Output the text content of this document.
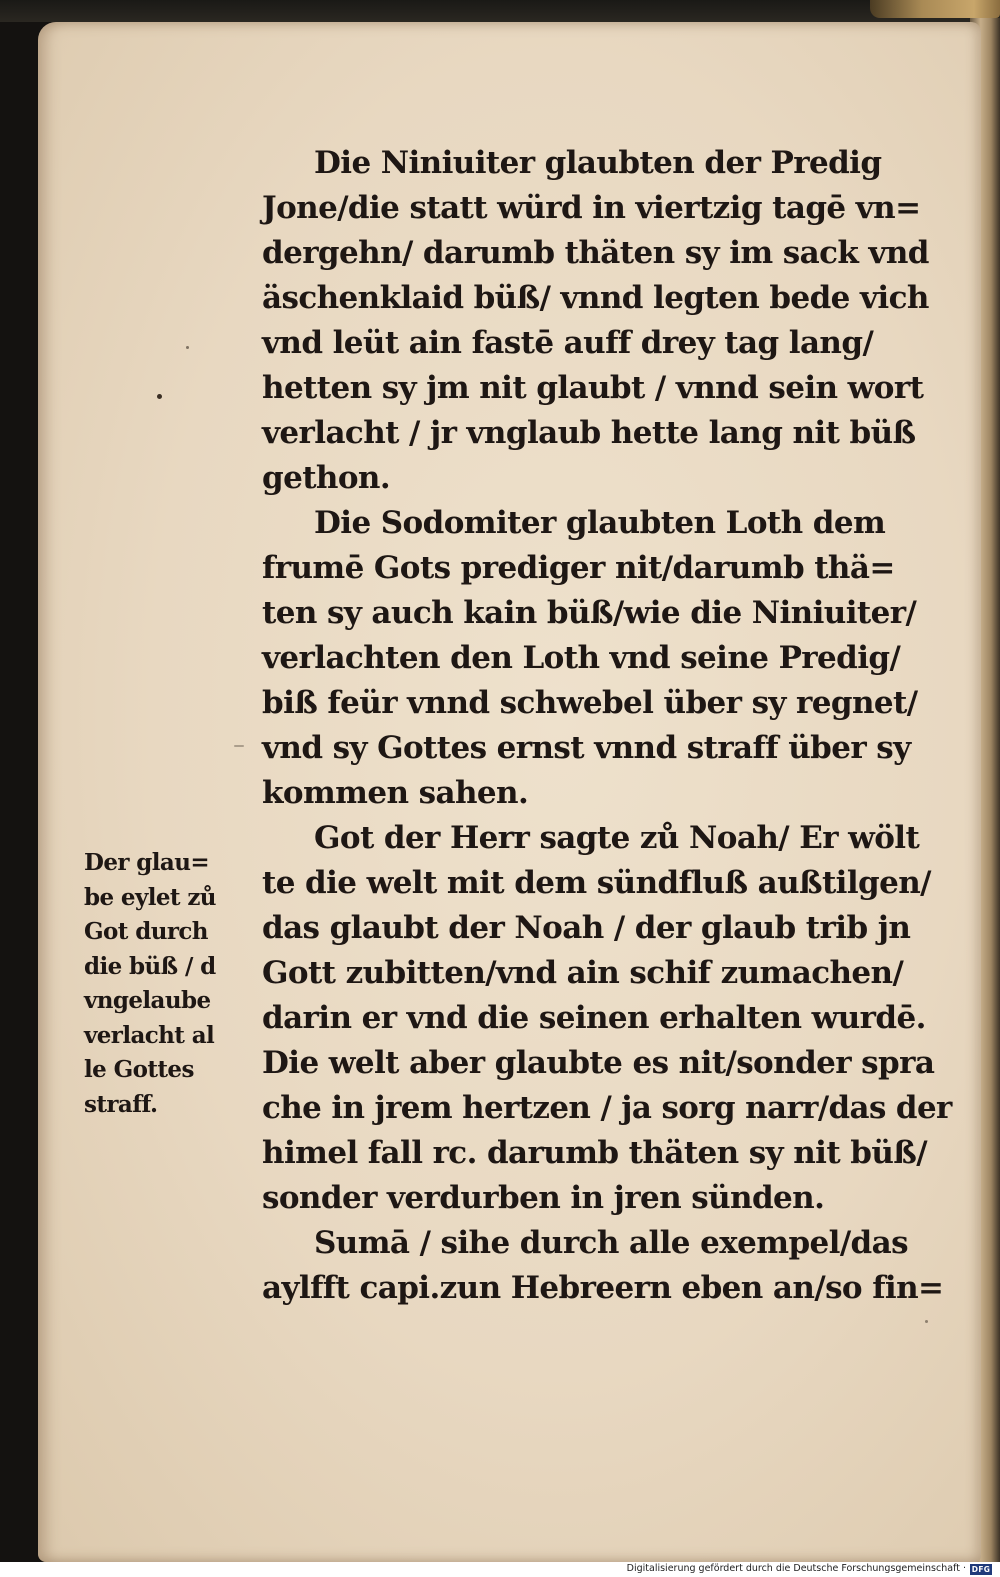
Die Niniuiter glaubten der Predig
Jone/die statt würd in viertzig tagē vn=
dergehn/ darumb thäten sy im sack vnd
äschenklaid büß/ vnnd legten bede vich
vnd leüt ain fastē auff drey tag lang/
hetten sy jm nit glaubt / vnnd sein wort
verlacht / jr vnglaub hette lang nit büß
gethon.
Die Sodomiter glaubten Loth dem
frumē Gots prediger nit/darumb thä=
ten sy auch kain büß/wie die Niniuiter/
verlachten den Loth vnd seine Predig/
biß feür vnnd schwebel über sy regnet/
vnd sy Gottes ernst vnnd straff über sy
kommen sahen.
Got der Herr sagte zů Noah/ Er wölt
te die welt mit dem sündfluß außtilgen/
das glaubt der Noah / der glaub trib jn
Gott zubitten/vnd ain schif zumachen/
darin er vnd die seinen erhalten wurdē.
Die welt aber glaubte es nit/sonder spra
che in jrem hertzen / ja sorg narr/das der
himel fall rc. darumb thäten sy nit büß/
sonder verdurben in jren sünden.
Sumā / sihe durch alle exempel/das
aylfft capi.zun Hebreern eben an/so fin=
Der glau=
be eylet zů
Got durch
die büß / d
vngelaube
verlacht al
le Gottes
straff.
Digitalisierung gefördert durch die Deutsche Forschungsgemeinschaft · DFG
